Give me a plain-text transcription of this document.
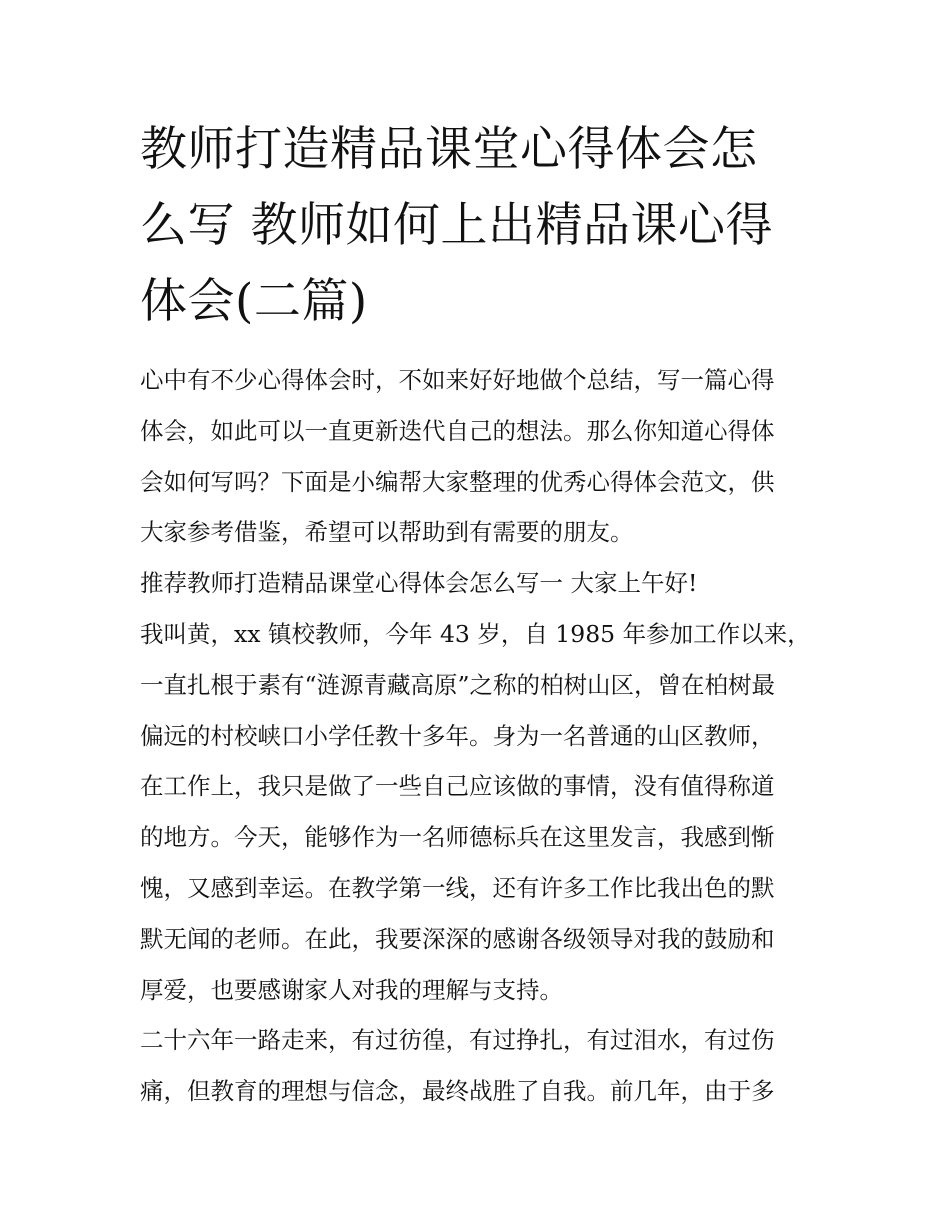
教师打造精品课堂心得体会怎
么写 教师如何上出精品课心得
体会(二篇)
心中有不少心得体会时，不如来好好地做个总结，写一篇心得
体会，如此可以一直更新迭代自己的想法。那么你知道心得体
会如何写吗？下面是小编帮大家整理的优秀心得体会范文，供
大家参考借鉴，希望可以帮助到有需要的朋友。
推荐教师打造精品课堂心得体会怎么写一 大家上午好!
我叫黄，xx 镇校教师，今年 43 岁，自 1985 年参加工作以来，
一直扎根于素有“涟源青藏高原”之称的柏树山区，曾在柏树最
偏远的村校峡口小学任教十多年。身为一名普通的山区教师，
在工作上，我只是做了一些自己应该做的事情，没有值得称道
的地方。今天，能够作为一名师德标兵在这里发言，我感到惭
愧，又感到幸运。在教学第一线，还有许多工作比我出色的默
默无闻的老师。在此，我要深深的感谢各级领导对我的鼓励和
厚爱，也要感谢家人对我的理解与支持。
二十六年一路走来，有过彷徨，有过挣扎，有过泪水，有过伤
痛，但教育的理想与信念，最终战胜了自我。前几年，由于多
